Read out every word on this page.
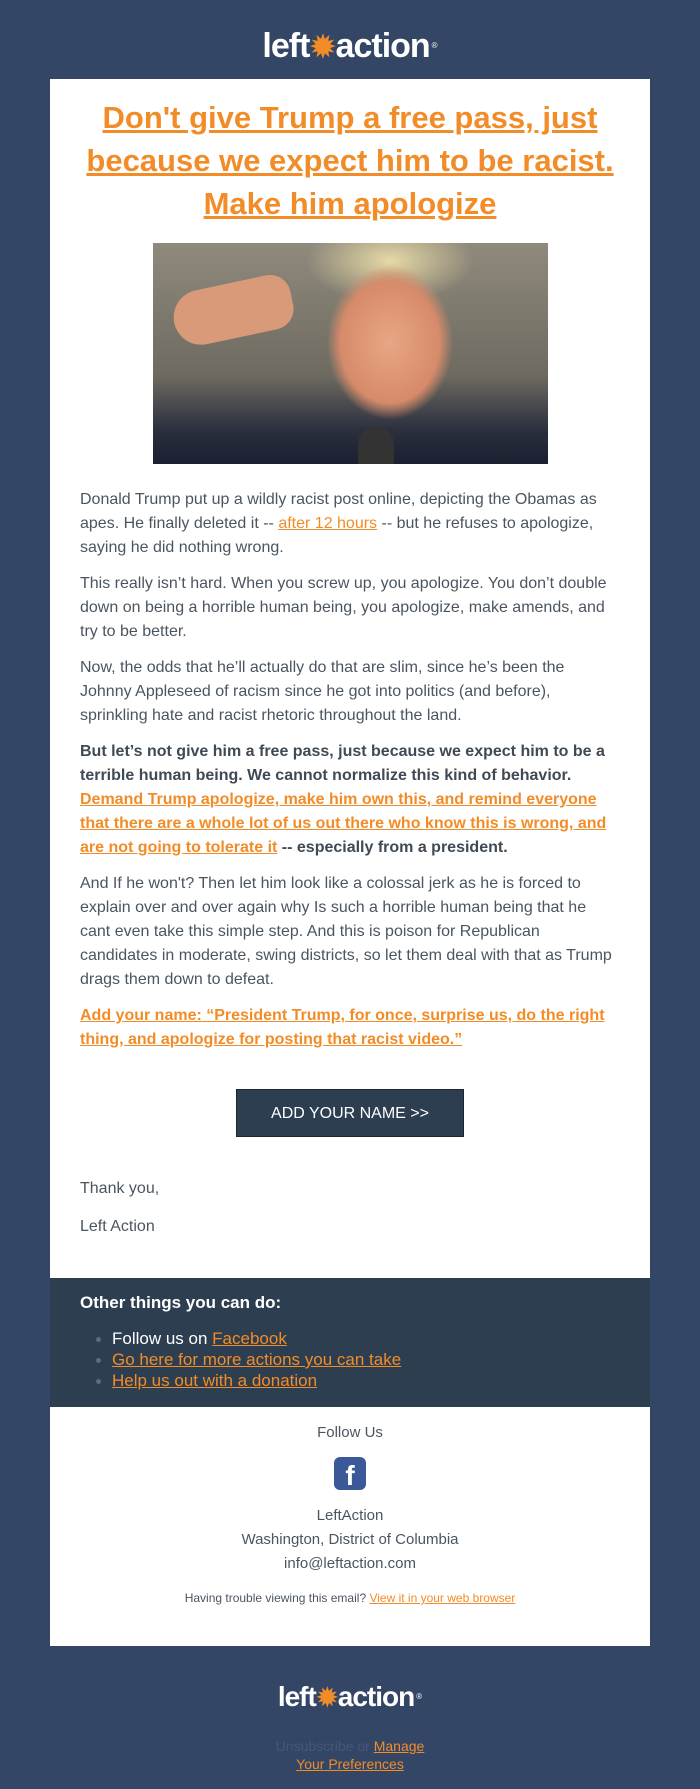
left✹action ®
Don't give Trump a free pass, just because we expect him to be racist. Make him apologize

Donald Trump put up a wildly racist post online, depicting the Obamas as apes. He finally deleted it -- after 12 hours -- but he refuses to apologize, saying he did nothing wrong.

This really isn’t hard. When you screw up, you apologize. You don’t double down on being a horrible human being, you apologize, make amends, and try to be better.

Now, the odds that he’ll actually do that are slim, since he’s been the Johnny Appleseed of racism since he got into politics (and before), sprinkling hate and racist rhetoric throughout the land.

But let’s not give him a free pass, just because we expect him to be a terrible human being. We cannot normalize this kind of behavior. Demand Trump apologize, make him own this, and remind everyone that there are a whole lot of us out there who know this is wrong, and are not going to tolerate it -- especially from a president.

And If he won't? Then let him look like a colossal jerk as he is forced to explain over and over again why Is such a horrible human being that he cant even take this simple step. And this is poison for Republican candidates in moderate, swing districts, so let them deal with that as Trump drags them down to defeat.

Add your name: “President Trump, for once, surprise us, do the right thing, and apologize for posting that racist video.”

ADD YOUR NAME >>
Thank you,
Left Action
Other things you can do:
Follow us on Facebook
Go here for more actions you can take
Help us out with a donation
Follow Us
f
LeftAction
Washington, District of Columbia
info@leftaction.com
Having trouble viewing this email? View it in your web browser
left✹action ®
Unsubscribe or Manage Your Preferences
